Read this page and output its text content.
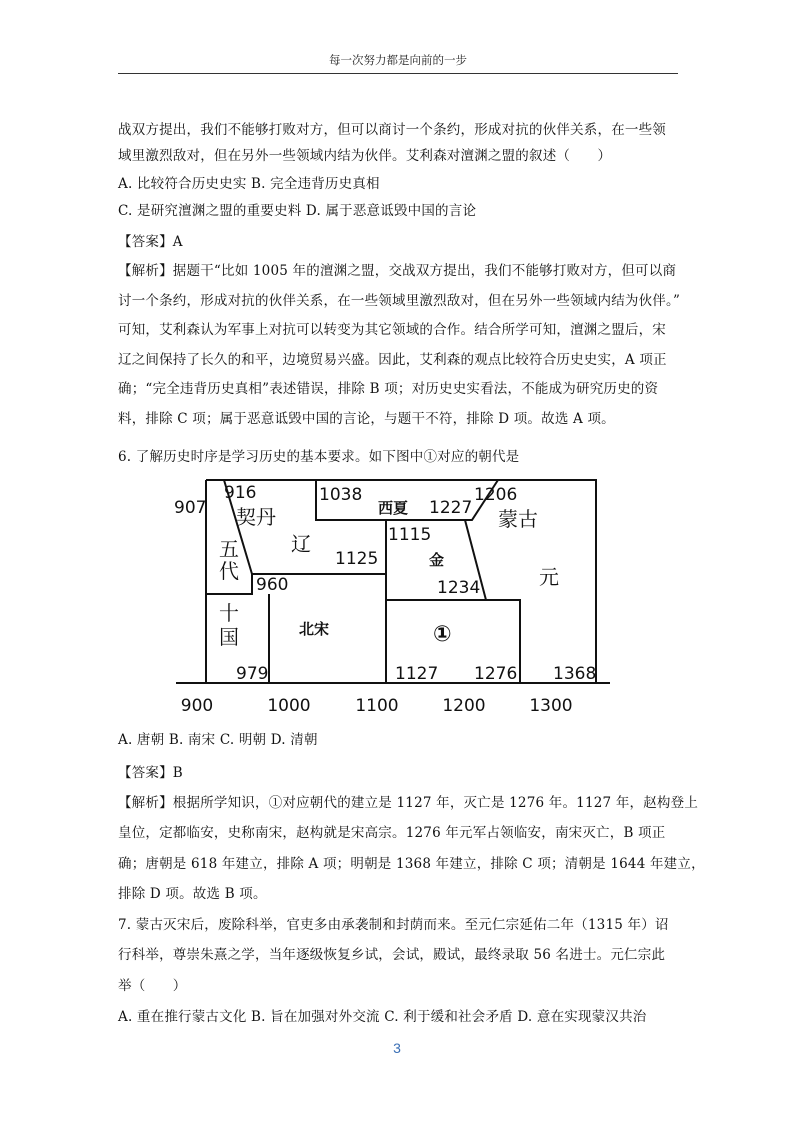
每一次努力都是向前的一步
战双方提出，我们不能够打败对方，但可以商讨一个条约，形成对抗的伙伴关系，在一些领
域里激烈敌对，但在另外一些领域内结为伙伴。艾利森对澶渊之盟的叙述（　　）
A. 比较符合历史史实 B. 完全违背历史真相
C. 是研究澶渊之盟的重要史料 D. 属于恶意诋毁中国的言论
【答案】A
【解析】据题干“比如 1005 年的澶渊之盟，交战双方提出，我们不能够打败对方，但可以商
讨一个条约，形成对抗的伙伴关系，在一些领域里激烈敌对，但在另外一些领域内结为伙伴。”
可知，艾利森认为军事上对抗可以转变为其它领域的合作。结合所学可知，澶渊之盟后，宋
辽之间保持了长久的和平，边境贸易兴盛。因此，艾利森的观点比较符合历史史实，A 项正
确；“完全违背历史真相”表述错误，排除 B 项；对历史史实看法，不能成为研究历史的资
料，排除 C 项；属于恶意诋毁中国的言论，与题干不符，排除 D 项。故选 A 项。
6. 了解历史时序是学习历史的基本要求。如下图中①对应的朝代是
907
916
契丹
1038
西夏 1227
1206
蒙古
五
代
辽	1115
1125	金
元
960	1234
十
国	北宋	①
979	1127 1276 1368
900	1000	1100	1200	1300
A. 唐朝 B. 南宋 C. 明朝 D. 清朝
【答案】B
【解析】根据所学知识，①对应朝代的建立是 1127 年，灭亡是 1276 年。1127 年，赵构登上
皇位，定都临安，史称南宋，赵构就是宋高宗。1276 年元军占领临安，南宋灭亡，B 项正
确；唐朝是 618 年建立，排除 A 项；明朝是 1368 年建立，排除 C 项；清朝是 1644 年建立，
排除 D 项。故选 B 项。
7. 蒙古灭宋后，废除科举，官吏多由承袭制和封荫而来。至元仁宗延佑二年（1315 年）诏
行科举，尊崇朱熹之学，当年逐级恢复乡试，会试，殿试，最终录取 56 名进士。元仁宗此
举（　　）
A. 重在推行蒙古文化 B. 旨在加强对外交流 C. 利于缓和社会矛盾 D. 意在实现蒙汉共治
3
